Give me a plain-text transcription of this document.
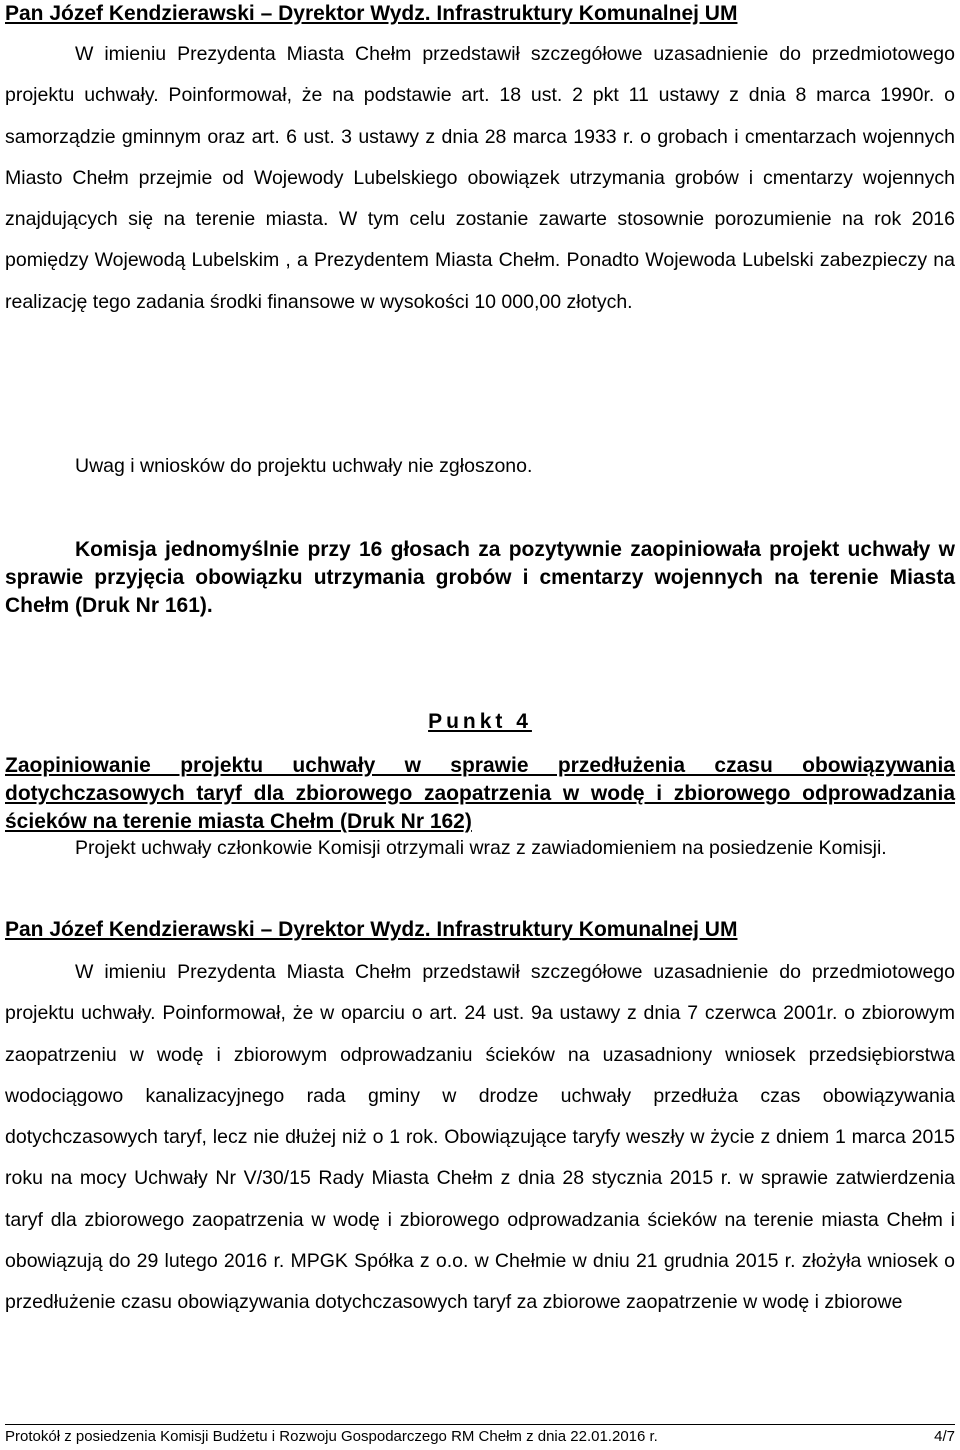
Pan Józef Kendzierawski – Dyrektor Wydz. Infrastruktury Komunalnej UM

W imieniu Prezydenta Miasta Chełm przedstawił szczegółowe uzasadnienie do przedmiotowego projektu uchwały. Poinformował, że na podstawie art. 18 ust. 2 pkt 11 ustawy z dnia 8 marca 1990r. o samorządzie gminnym oraz art. 6 ust. 3 ustawy z dnia 28 marca 1933 r. o grobach i cmentarzach wojennych Miasto Chełm przejmie od Wojewody Lubelskiego obowiązek utrzymania grobów i cmentarzy wojennych znajdujących się na terenie miasta. W tym celu zostanie zawarte stosownie porozumienie na rok 2016 pomiędzy Wojewodą Lubelskim , a Prezydentem Miasta Chełm. Ponadto Wojewoda Lubelski zabezpieczy na realizację tego zadania środki finansowe w wysokości 10 000,00 złotych.

Uwag i wniosków do projektu uchwały nie zgłoszono.

Komisja jednomyślnie przy 16 głosach za pozytywnie zaopiniowała projekt uchwały w sprawie przyjęcia obowiązku utrzymania grobów i cmentarzy wojennych na terenie Miasta Chełm (Druk Nr 161).

Punkt 4

Zaopiniowanie projektu uchwały w sprawie przedłużenia czasu obowiązywania dotychczasowych taryf dla zbiorowego zaopatrzenia w wodę i zbiorowego odprowadzania ścieków na terenie miasta Chełm (Druk Nr 162)

Projekt uchwały członkowie Komisji otrzymali wraz z zawiadomieniem na posiedzenie Komisji.

Pan Józef Kendzierawski – Dyrektor Wydz. Infrastruktury Komunalnej UM

W imieniu Prezydenta Miasta Chełm przedstawił szczegółowe uzasadnienie do przedmiotowego projektu uchwały. Poinformował, że w oparciu o art. 24 ust. 9a ustawy z dnia 7 czerwca 2001r. o zbiorowym zaopatrzeniu w wodę i zbiorowym odprowadzaniu ścieków na uzasadniony wniosek przedsiębiorstwa wodociągowo kanalizacyjnego rada gminy w drodze uchwały przedłuża czas obowiązywania dotychczasowych taryf, lecz nie dłużej niż o 1 rok. Obowiązujące taryfy weszły w życie z dniem 1 marca 2015 roku na mocy Uchwały Nr V/30/15 Rady Miasta Chełm z dnia 28 stycznia 2015 r. w sprawie zatwierdzenia taryf dla zbiorowego zaopatrzenia w wodę i zbiorowego odprowadzania ścieków na terenie miasta Chełm i obowiązują do 29 lutego 2016 r. MPGK Spółka z o.o. w Chełmie w dniu 21 grudnia 2015 r. złożyła wniosek o przedłużenie czasu obowiązywania dotychczasowych taryf za zbiorowe zaopatrzenie w wodę i zbiorowe

Protokół z posiedzenia Komisji Budżetu i Rozwoju Gospodarczego RM Chełm z dnia 22.01.2016 r.	4/7
